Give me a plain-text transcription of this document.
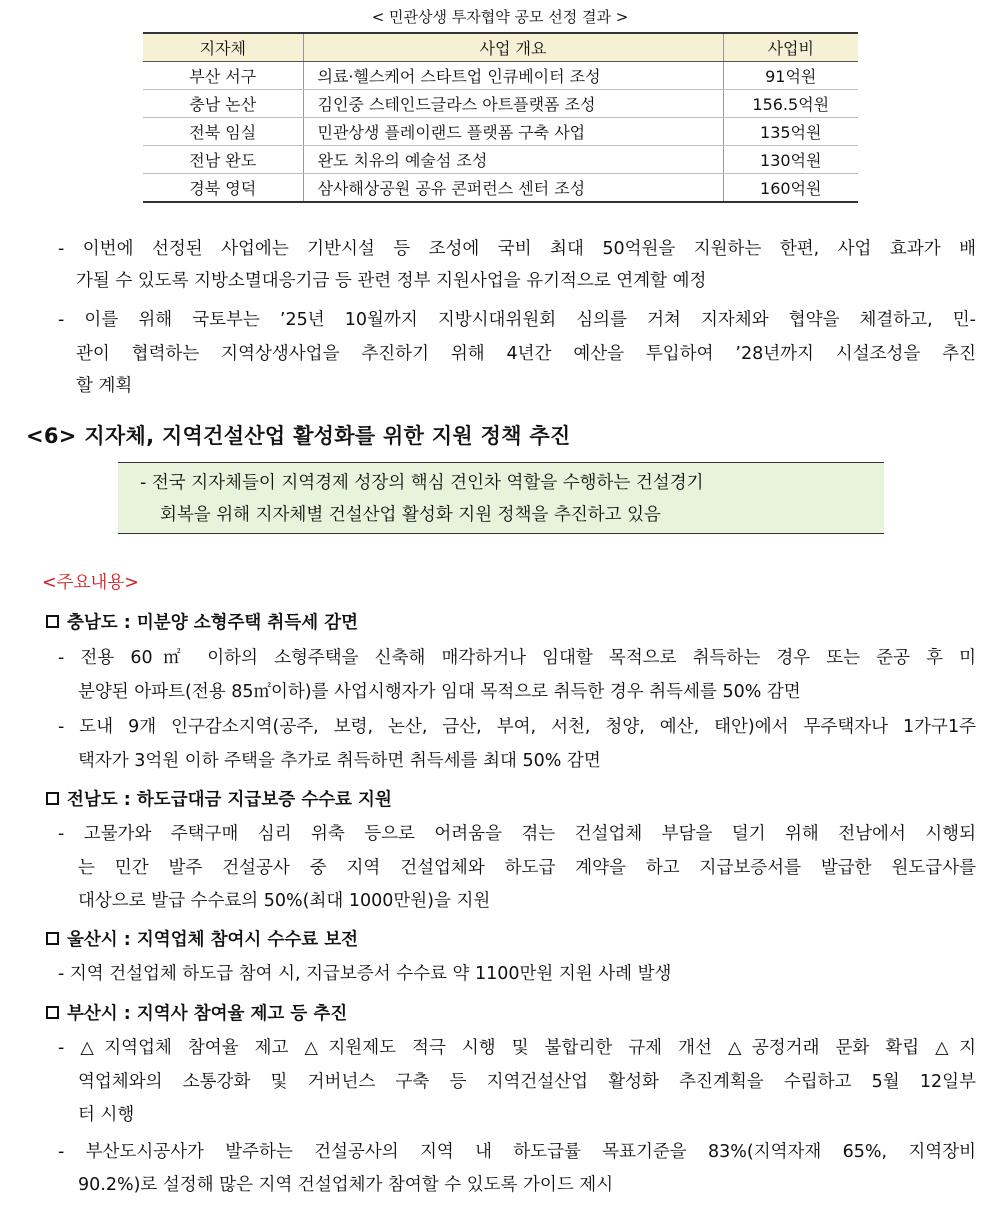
< 민관상생 투자협약 공모 선정 결과 >
지자체	사업 개요	사업비
부산 서구	의료·헬스케어 스타트업 인큐베이터 조성	91억원
충남 논산	김인중 스테인드글라스 아트플랫폼 조성	156.5억원
전북 임실	민관상생 플레이랜드 플랫폼 구축 사업	135억원
전남 완도	완도 치유의 예술섬 조성	130억원
경북 영덕	삼사해상공원 공유 콘퍼런스 센터 조성	160억원
- 이번에 선정된 사업에는 기반시설 등 조성에 국비 최대 50억원을 지원하는 한편, 사업 효과가 배
가될 수 있도록 지방소멸대응기금 등 관련 정부 지원사업을 유기적으로 연계할 예정
- 이를 위해 국토부는 ’25년 10월까지 지방시대위원회 심의를 거쳐 지자체와 협약을 체결하고, 민-
관이 협력하는 지역상생사업을 추진하기 위해 4년간 예산을 투입하여 ’28년까지 시설조성을 추진
할 계획
<6> 지자체, 지역건설산업 활성화를 위한 지원 정책 추진
- 전국 지자체들이 지역경제 성장의 핵심 견인차 역할을 수행하는 건설경기
회복을 위해 지자체별 건설산업 활성화 지원 정책을 추진하고 있음
<주요내용>
충남도 : 미분양 소형주택 취득세 감면
- 전용 60㎡ 이하의 소형주택을 신축해 매각하거나 임대할 목적으로 취득하는 경우 또는 준공 후 미
분양된 아파트(전용 85㎡이하)를 사업시행자가 임대 목적으로 취득한 경우 취득세를 50% 감면
- 도내 9개 인구감소지역(공주, 보령, 논산, 금산, 부여, 서천, 청양, 예산, 태안)에서 무주택자나 1가구1주
택자가 3억원 이하 주택을 추가로 취득하면 취득세를 최대 50% 감면
전남도 : 하도급대금 지급보증 수수료 지원
- 고물가와 주택구매 심리 위축 등으로 어려움을 겪는 건설업체 부담을 덜기 위해 전남에서 시행되
는 민간 발주 건설공사 중 지역 건설업체와 하도급 계약을 하고 지급보증서를 발급한 원도급사를
대상으로 발급 수수료의 50%(최대 1000만원)을 지원
울산시 : 지역업체 참여시 수수료 보전
- 지역 건설업체 하도급 참여 시, 지급보증서 수수료 약 1100만원 지원 사례 발생
부산시 : 지역사 참여율 제고 등 추진
- △지역업체 참여율 제고 △지원제도 적극 시행 및 불합리한 규제 개선 △공정거래 문화 확립 △지
역업체와의 소통강화 및 거버넌스 구축 등 지역건설산업 활성화 추진계획을 수립하고 5월 12일부
터 시행
- 부산도시공사가 발주하는 건설공사의 지역 내 하도급률 목표기준을 83%(지역자재 65%, 지역장비
90.2%)로 설정해 많은 지역 건설업체가 참여할 수 있도록 가이드 제시
